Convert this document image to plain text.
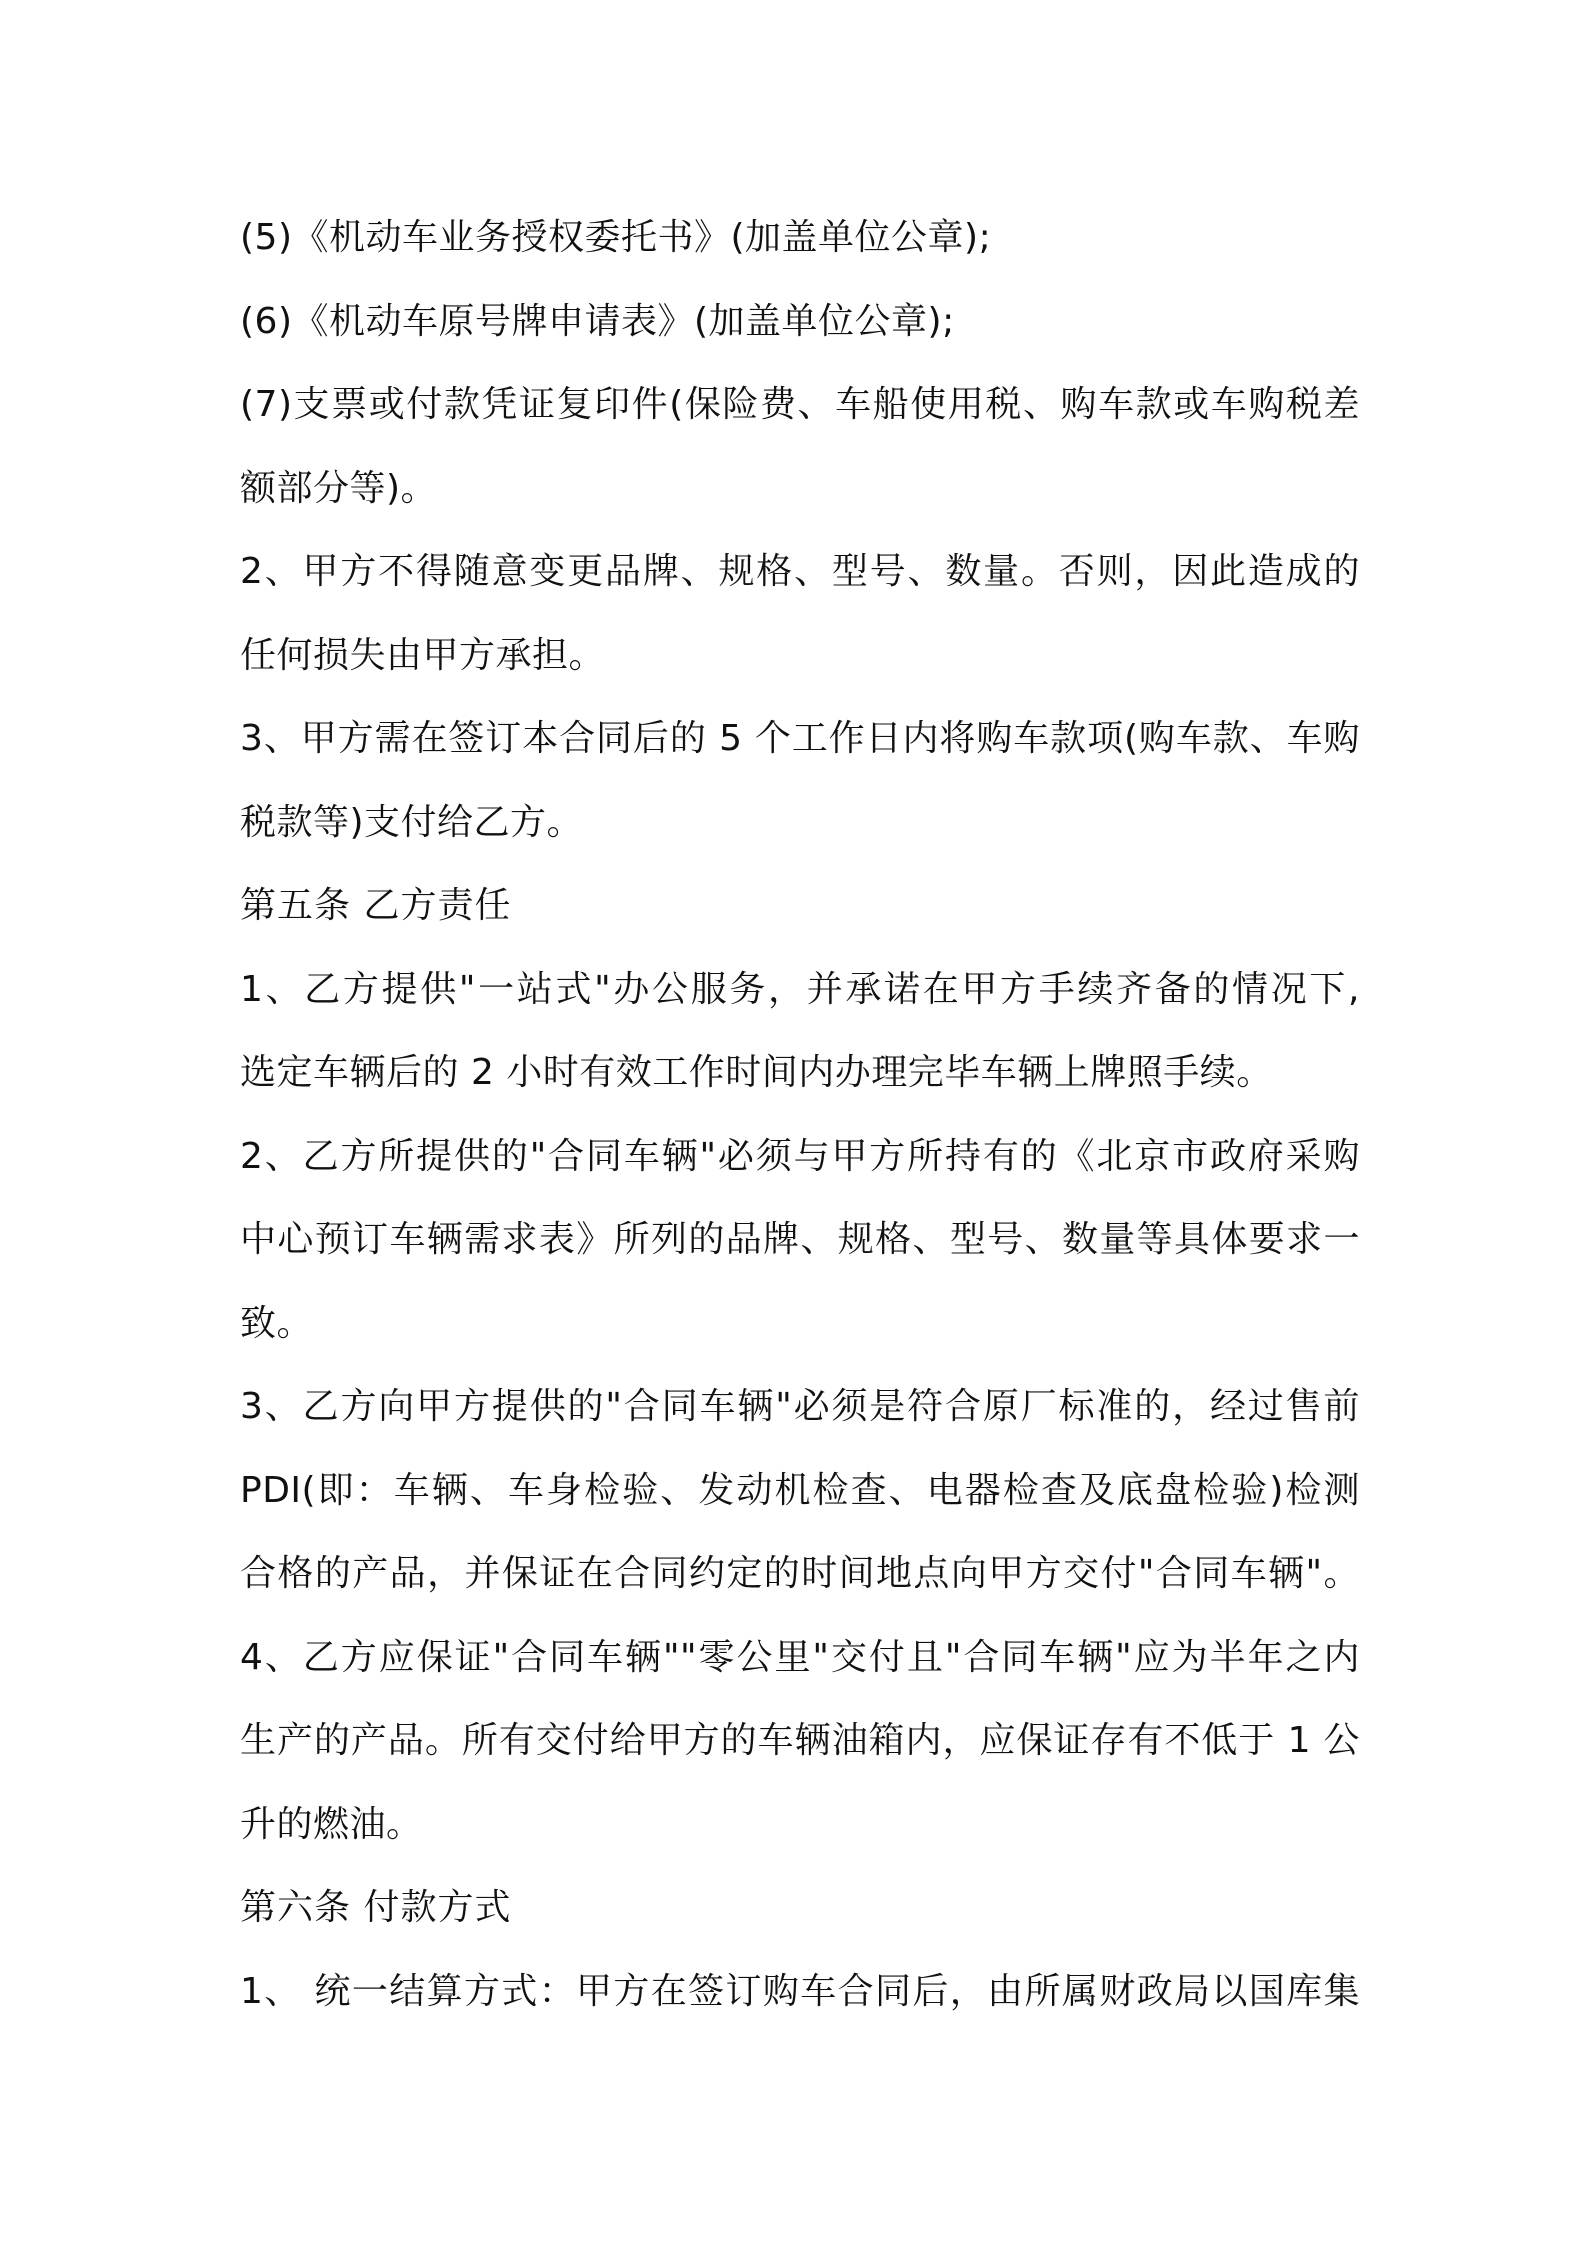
(5)《机动车业务授权委托书》(加盖单位公章);
(6)《机动车原号牌申请表》(加盖单位公章);
(7)支票或付款凭证复印件(保险费、车船使用税、购车款或车购税差
额部分等)。
2、甲方不得随意变更品牌、规格、型号、数量。否则，因此造成的
任何损失由甲方承担。
3、甲方需在签订本合同后的 5 个工作日内将购车款项(购车款、车购
税款等)支付给乙方。
第五条 乙方责任
1、乙方提供"一站式"办公服务，并承诺在甲方手续齐备的情况下,
选定车辆后的 2 小时有效工作时间内办理完毕车辆上牌照手续。
2、乙方所提供的"合同车辆"必须与甲方所持有的《北京市政府采购
中心预订车辆需求表》所列的品牌、规格、型号、数量等具体要求一
致。
3、乙方向甲方提供的"合同车辆"必须是符合原厂标准的，经过售前
PDI(即：车辆、车身检验、发动机检查、电器检查及底盘检验)检测
合格的产品，并保证在合同约定的时间地点向甲方交付"合同车辆"。
4、乙方应保证"合同车辆""零公里"交付且"合同车辆"应为半年之内
生产的产品。所有交付给甲方的车辆油箱内，应保证存有不低于 1 公
升的燃油。
第六条 付款方式
1、 统一结算方式：甲方在签订购车合同后，由所属财政局以国库集
